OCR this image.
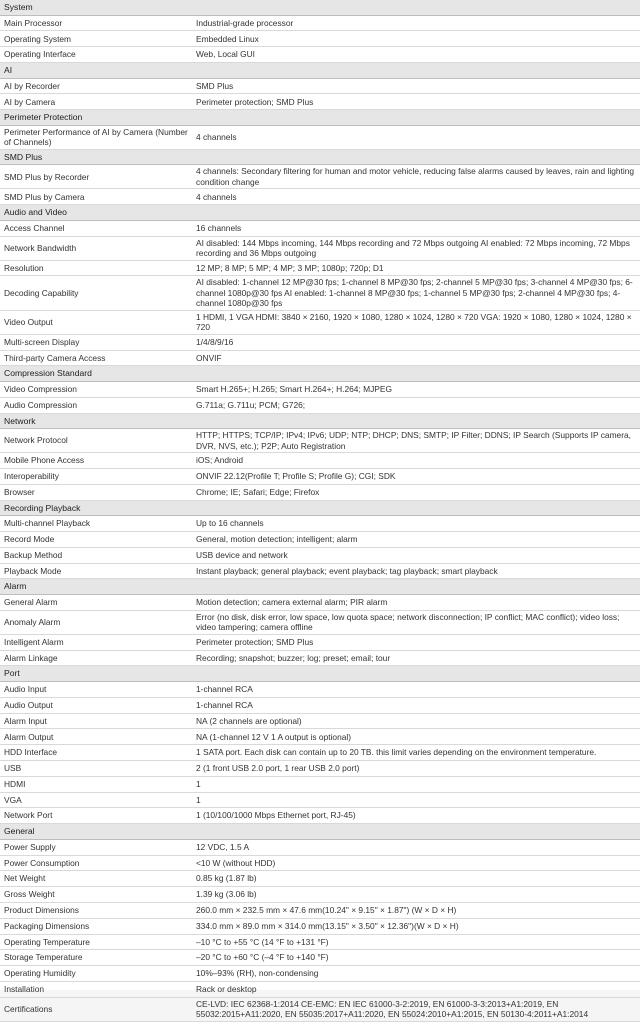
System	
Main Processor	Industrial-grade processor
Operating System	Embedded Linux
Operating Interface	Web, Local GUI
AI	
AI by Recorder	SMD Plus
AI by Camera	Perimeter protection; SMD Plus
Perimeter Protection	
Perimeter Performance of AI by Camera (Number of Channels)	4 channels
SMD Plus	
SMD Plus by Recorder	4 channels: Secondary filtering for human and motor vehicle, reducing false alarms caused by leaves, rain and lighting condition change
SMD Plus by Camera	4 channels
Audio and Video	
Access Channel	16 channels
Network Bandwidth	AI disabled: 144 Mbps incoming, 144 Mbps recording and 72 Mbps outgoing AI enabled: 72 Mbps incoming, 72 Mbps recording and 36 Mbps outgoing
Resolution	12 MP; 8 MP; 5 MP; 4 MP; 3 MP; 1080p; 720p; D1
Decoding Capability	AI disabled: 1-channel 12 MP@30 fps; 1-channel 8 MP@30 fps; 2-channel 5 MP@30 fps; 3-channel 4 MP@30 fps; 6-channel 1080p@30 fps AI enabled: 1-channel 8 MP@30 fps; 1-channel 5 MP@30 fps; 2-channel 4 MP@30 fps; 4-channel 1080p@30 fps
Video Output	1 HDMI, 1 VGA HDMI: 3840 × 2160, 1920 × 1080, 1280 × 1024, 1280 × 720 VGA: 1920 × 1080, 1280 × 1024, 1280 × 720
Multi-screen Display	1/4/8/9/16
Third-party Camera Access	ONVIF
Compression Standard	
Video Compression	Smart H.265+; H.265; Smart H.264+; H.264; MJPEG
Audio Compression	G.711a; G.711u; PCM; G726;
Network	
Network Protocol	HTTP; HTTPS; TCP/IP; IPv4; IPv6; UDP; NTP; DHCP; DNS; SMTP; IP Filter; DDNS; IP Search (Supports IP camera, DVR, NVS, etc.); P2P; Auto Registration
Mobile Phone Access	iOS; Android
Interoperability	ONVIF 22.12(Profile T; Profile S; Profile G); CGI; SDK
Browser	Chrome; IE; Safari; Edge; Firefox
Recording Playback	
Multi-channel Playback	Up to 16 channels
Record Mode	General, motion detection; intelligent; alarm
Backup Method	USB device and network
Playback Mode	Instant playback; general playback; event playback; tag playback; smart playback
Alarm	
General Alarm	Motion detection; camera external alarm; PIR alarm
Anomaly Alarm	Error (no disk, disk error, low space, low quota space; network disconnection; IP conflict; MAC conflict); video loss; video tampering; camera offline
Intelligent Alarm	Perimeter protection; SMD Plus
Alarm Linkage	Recording; snapshot; buzzer; log; preset; email; tour
Port	
Audio Input	1-channel RCA
Audio Output	1-channel RCA
Alarm Input	NA (2 channels are optional)
Alarm Output	NA (1-channel 12 V 1 A output is optional)
HDD Interface	1 SATA port. Each disk can contain up to 20 TB. this limit varies depending on the environment temperature.
USB	2 (1 front USB 2.0 port, 1 rear USB 2.0 port)
HDMI	1
VGA	1
Network Port	1 (10/100/1000 Mbps Ethernet port, RJ-45)
General	
Power Supply	12 VDC, 1.5 A
Power Consumption	<10 W (without HDD)
Net Weight	0.85 kg (1.87 lb)
Gross Weight	1.39 kg (3.06 lb)
Product Dimensions	260.0 mm × 232.5 mm × 47.6 mm(10.24" × 9.15" × 1.87") (W × D × H)
Packaging Dimensions	334.0 mm × 89.0 mm × 314.0 mm(13.15" × 3.50" × 12.36")(W × D × H)
Operating Temperature	–10 °C to +55 °C (14 °F to +131 °F)
Storage Temperature	–20 °C to +60 °C (–4 °F to +140 °F)
Operating Humidity	10%–93% (RH), non-condensing
Installation	Rack or desktop
Certifications	CE-LVD: IEC 62368-1:2014 CE-EMC: EN IEC 61000-3-2:2019, EN 61000-3-3:2013+A1:2019, EN 55032:2015+A11:2020, EN 55035:2017+A11:2020, EN 55024:2010+A1:2015, EN 50130-4:2011+A1:2014
